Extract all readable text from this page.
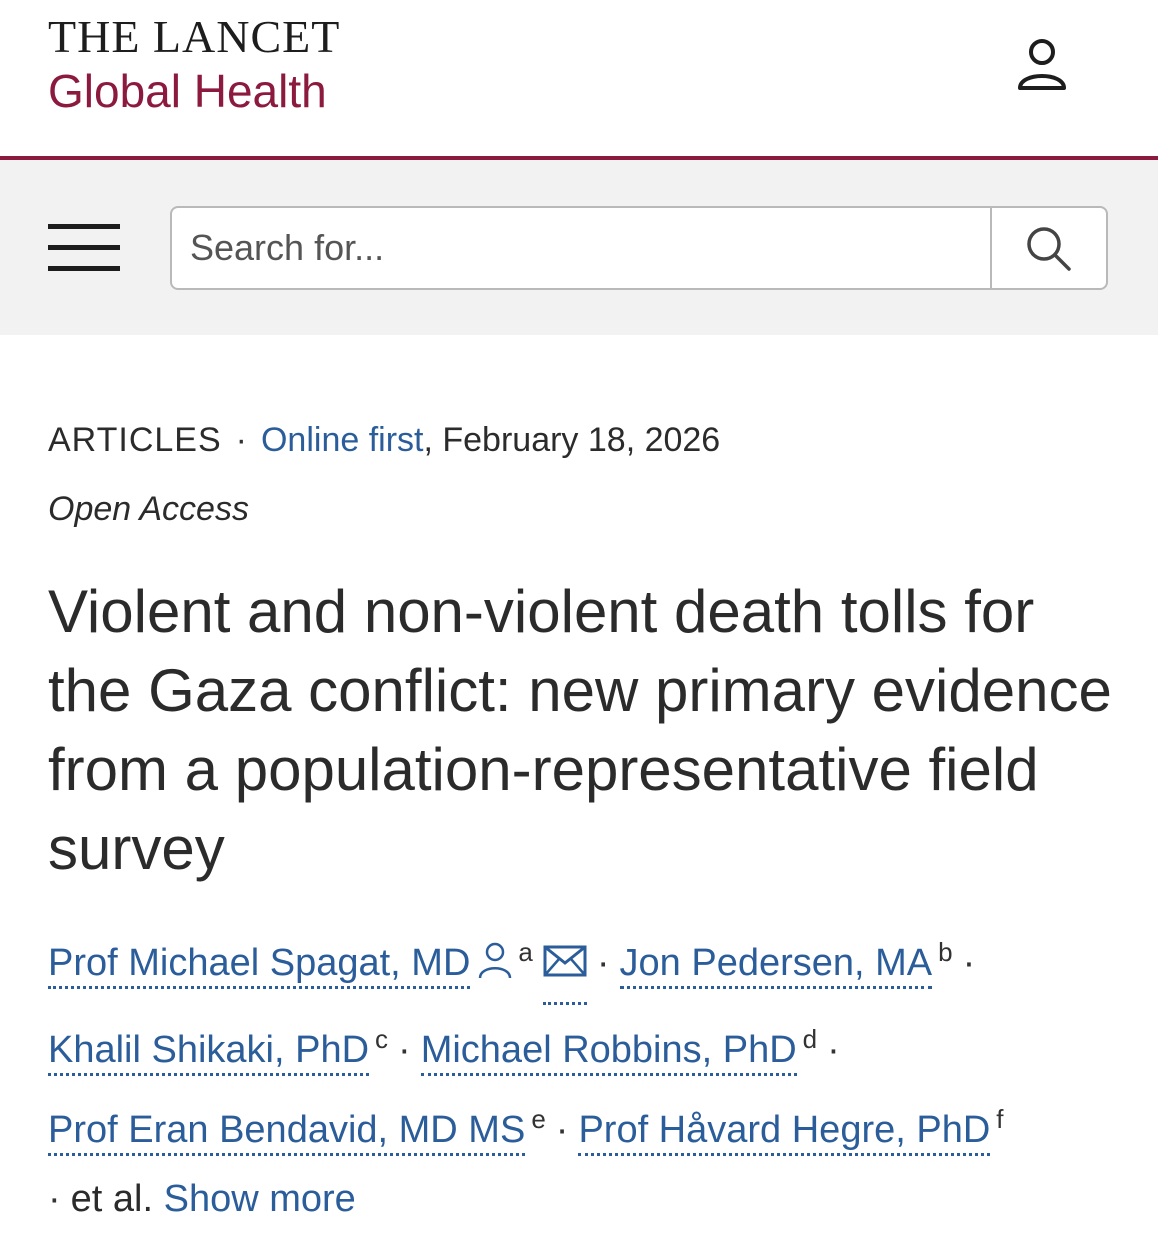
THE LANCET
Global Health
Search for...
ARTICLES · Online first, February 18, 2026
Open Access
Violent and non-violent death tolls for the Gaza conflict: new primary evidence from a population-representative field survey
Prof Michael Spagat, MD $^a$ · Jon Pedersen, MA $^b$ ·
Khalil Shikaki, PhD $^c$ · Michael Robbins, PhD $^d$ ·
Prof Eran Bendavid, MD MS $^e$ · Prof Håvard Hegre, PhD $^f$
· et al. Show more
